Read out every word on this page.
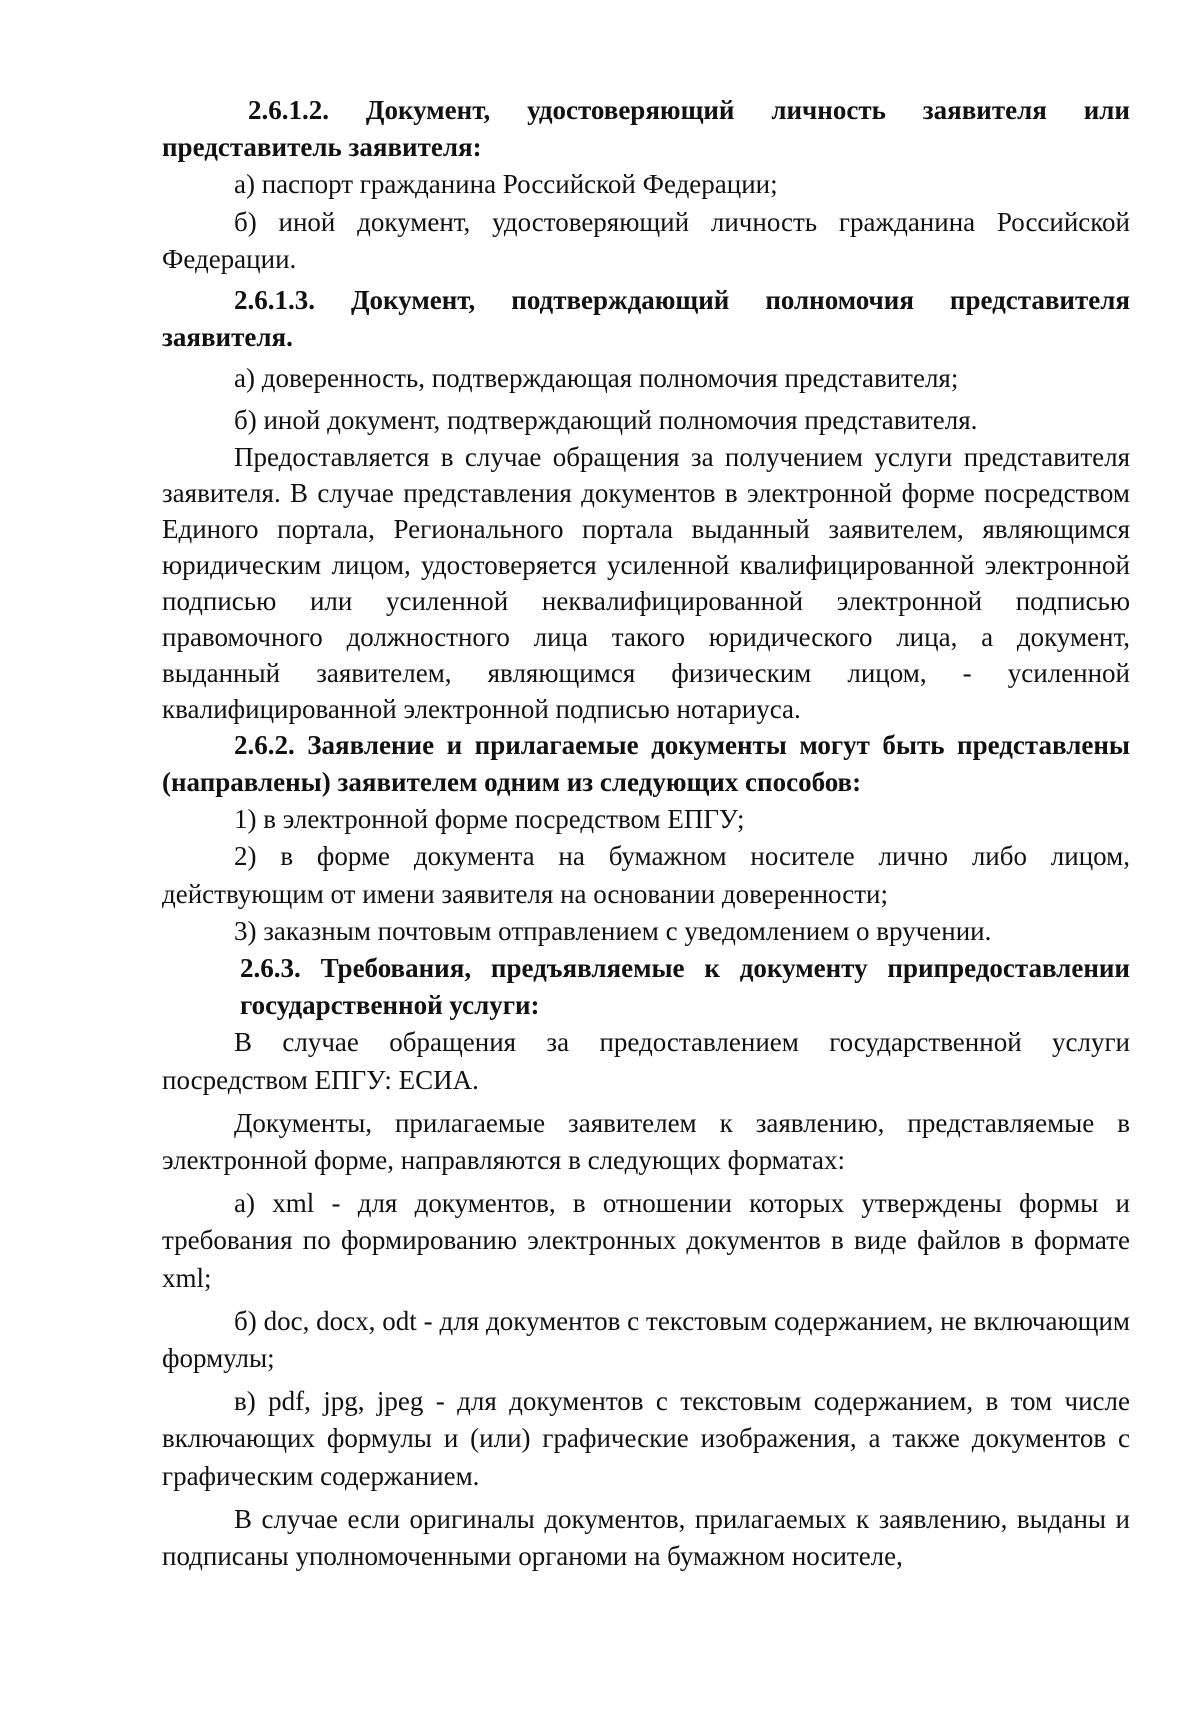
2.6.1.2. Документ, удостоверяющий личность заявителя или представитель заявителя:

а) паспорт гражданина Российской Федерации;

б) иной документ, удостоверяющий личность гражданина Российской Федерации.

2.6.1.3. Документ, подтверждающий полномочия представителя заявителя.

а) доверенность, подтверждающая полномочия представителя;

б) иной документ, подтверждающий полномочия представителя.

Предоставляется в случае обращения за получением услуги представителя заявителя. В случае представления документов в электронной форме посредством Единого портала, Регионального портала выданный заявителем, являющимся юридическим лицом, удостоверяется усиленной квалифицированной электронной подписью или усиленной неквалифицированной электронной подписью правомочного должностного лица такого юридического лица, а документ, выданный заявителем, являющимся физическим лицом, - усиленной квалифицированной электронной подписью нотариуса.

2.6.2. Заявление и прилагаемые документы могут быть представлены (направлены) заявителем одним из следующих способов:

1) в электронной форме посредством ЕПГУ;

2) в форме документа на бумажном носителе лично либо лицом, действующим от имени заявителя на основании доверенности;

3) заказным почтовым отправлением с уведомлением о вручении.

2.6.3. Требования, предъявляемые к документу припредоставлении государственной услуги:

В случае обращения за предоставлением государственной услуги посредством ЕПГУ: ЕСИА.

Документы, прилагаемые заявителем к заявлению, представляемые в электронной форме, направляются в следующих форматах:

а) xml - для документов, в отношении которых утверждены формы и требования по формированию электронных документов в виде файлов в формате xml;

б) doc, docx, odt - для документов с текстовым содержанием, не включающим формулы;

в) pdf, jpg, jpeg - для документов с текстовым содержанием, в том числе включающих формулы и (или) графические изображения, а также документов с графическим содержанием.

В случае если оригиналы документов, прилагаемых к заявлению, выданы и подписаны уполномоченными органоми на бумажном носителе,
